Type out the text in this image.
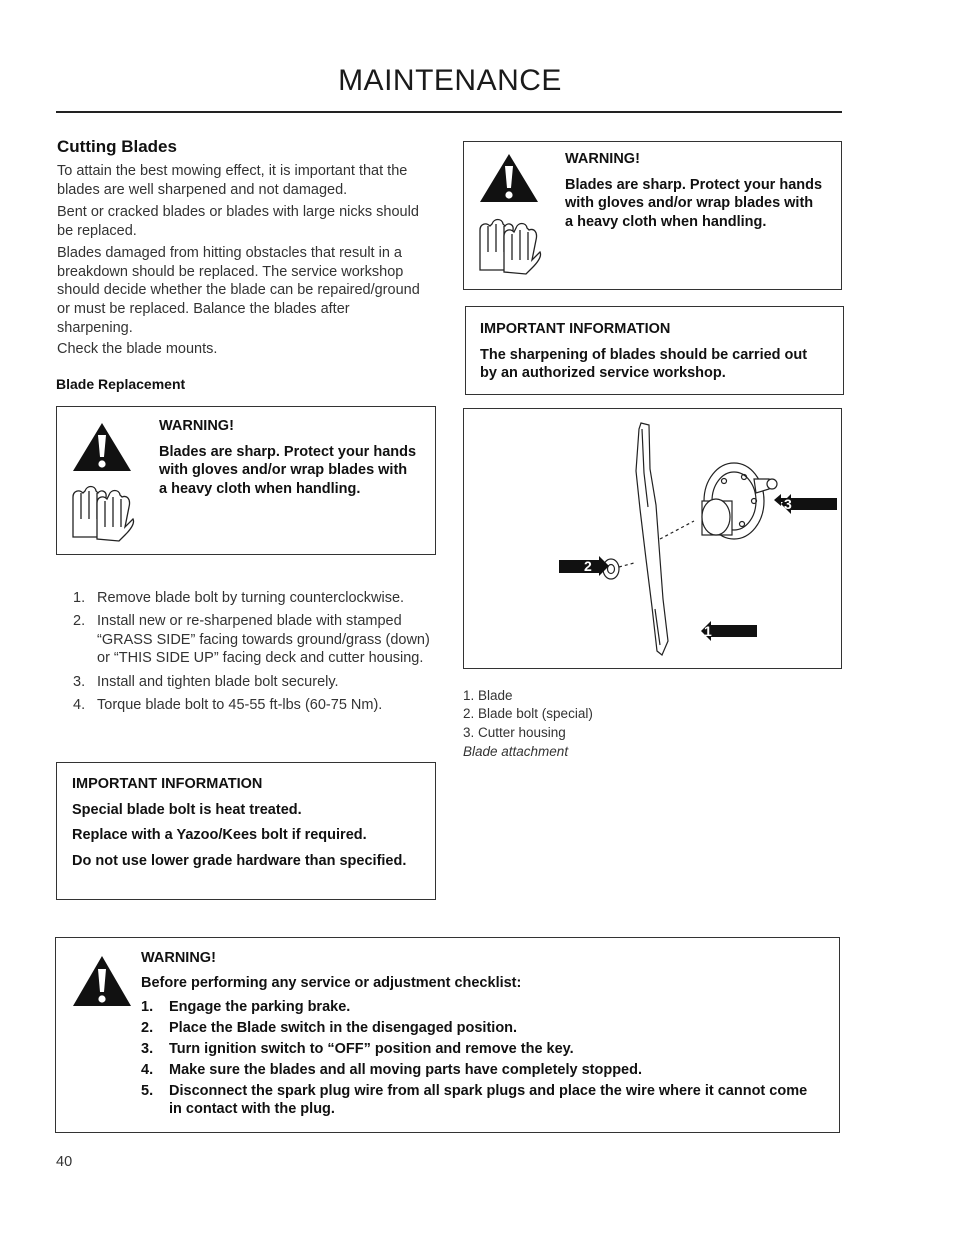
MAINTENANCE
Cutting Blades

To attain the best mowing effect, it is important that the blades are well sharpened and not damaged.

Bent or cracked blades or blades with large nicks should be replaced.

Blades damaged from hitting obstacles that result in a breakdown should be replaced. The service workshop should decide whether the blade can be repaired/ground or must be replaced. Balance the blades after sharpening.

Check the blade mounts.

Blade Replacement

WARNING!

Blades are sharp. Protect your hands with gloves and/or wrap blades with a heavy cloth when handling.

1. Remove blade bolt by turning counterclockwise.
2. Install new or re-sharpened blade with stamped “GRASS SIDE” facing towards ground/grass (down) or “THIS SIDE UP” facing deck and cutter housing.
3. Install and tighten blade bolt securely.
4. Torque blade bolt to 45-55 ft-lbs (60-75 Nm).

IMPORTANT INFORMATION

Special blade bolt is heat treated.

Replace with a Yazoo/Kees bolt if required.

Do not use lower grade hardware than specified.

WARNING!

Blades are sharp. Protect your hands with gloves and/or wrap blades with a heavy cloth when handling.

IMPORTANT INFORMATION

The sharpening of blades should be carried out by an authorized service workshop.

1
2
3

1. Blade

2. Blade bolt (special)

3. Cutter housing

Blade attachment

WARNING!

Before performing any service or adjustment checklist:

1. Engage the parking brake.
2. Place the Blade switch in the disengaged position.
3. Turn ignition switch to “OFF” position and remove the key.
4. Make sure the blades and all moving parts have completely stopped.
5. Disconnect the spark plug wire from all spark plugs and place the wire where it cannot come in contact with the plug.
40
